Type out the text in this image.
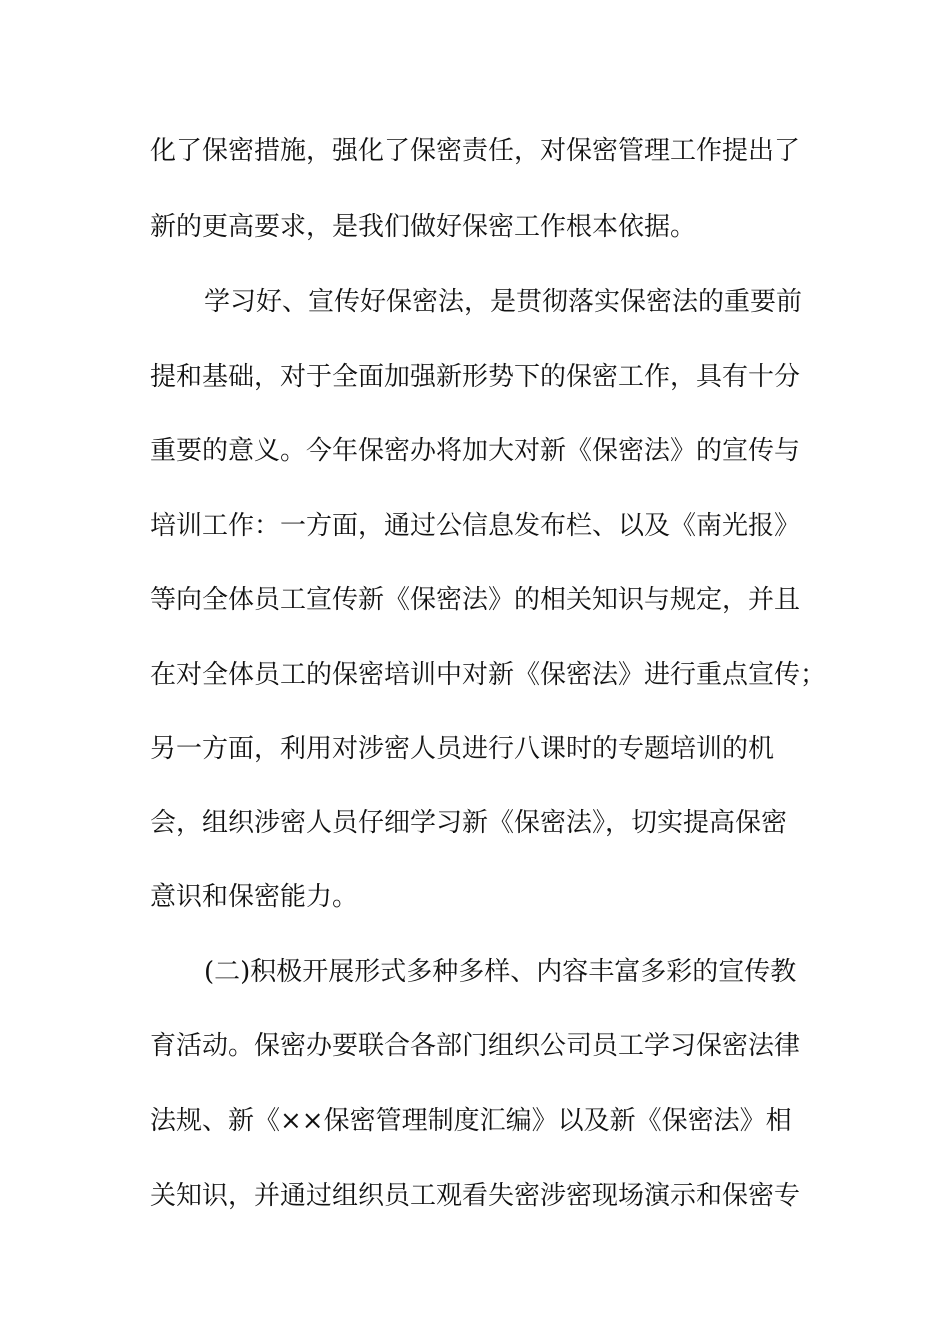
化了保密措施，强化了保密责任，对保密管理工作提出了
新的更高要求，是我们做好保密工作根本依据。
学习好、宣传好保密法，是贯彻落实保密法的重要前
提和基础，对于全面加强新形势下的保密工作，具有十分
重要的意义。今年保密办将加大对新《保密法》的宣传与
培训工作：一方面，通过公信息发布栏、以及《南光报》
等向全体员工宣传新《保密法》的相关知识与规定，并且
在对全体员工的保密培训中对新《保密法》进行重点宣传；
另一方面，利用对涉密人员进行八课时的专题培训的机
会，组织涉密人员仔细学习新《保密法》，切实提高保密
意识和保密能力。
(二)积极开展形式多种多样、内容丰富多彩的宣传教
育活动。保密办要联合各部门组织公司员工学习保密法律
法规、新《××保密管理制度汇编》以及新《保密法》相
关知识，并通过组织员工观看失密涉密现场演示和保密专
